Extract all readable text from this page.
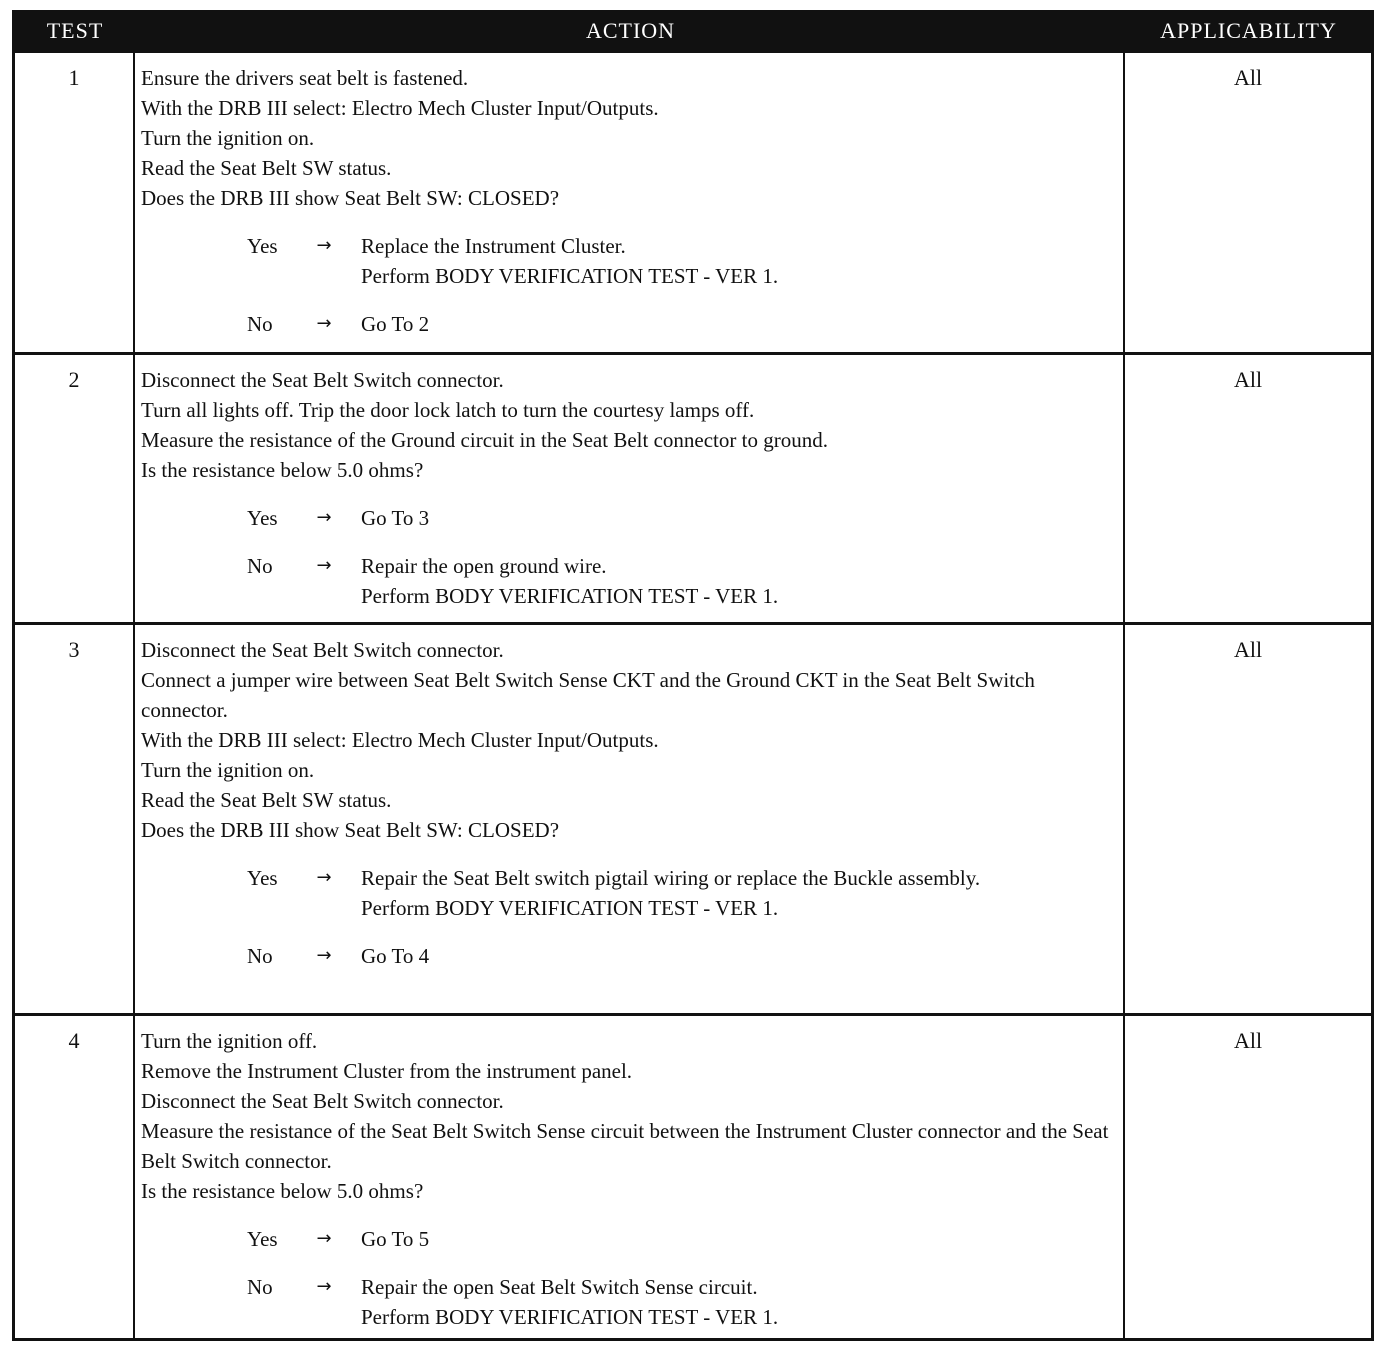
TEST	ACTION	APPLICABILITY
1	Ensure the drivers seat belt is fastened.
With the DRB III select: Electro Mech Cluster Input/Outputs.
Turn the ignition on.
Read the Seat Belt SW status.
Does the DRB III show Seat Belt SW: CLOSED?
Yes	→	Replace the Instrument Cluster.
Perform BODY VERIFICATION TEST - VER 1.
No	→	Go To 2
All
2	Disconnect the Seat Belt Switch connector.
Turn all lights off. Trip the door lock latch to turn the courtesy lamps off.
Measure the resistance of the Ground circuit in the Seat Belt connector to ground.
Is the resistance below 5.0 ohms?
Yes	→	Go To 3
No	→	Repair the open ground wire.
Perform BODY VERIFICATION TEST - VER 1.
All
3	Disconnect the Seat Belt Switch connector.
Connect a jumper wire between Seat Belt Switch Sense CKT and the Ground CKT in the Seat Belt Switch connector.
With the DRB III select: Electro Mech Cluster Input/Outputs.
Turn the ignition on.
Read the Seat Belt SW status.
Does the DRB III show Seat Belt SW: CLOSED?
Yes	→	Repair the Seat Belt switch pigtail wiring or replace the Buckle assembly.
Perform BODY VERIFICATION TEST - VER 1.
No	→	Go To 4
All
4	Turn the ignition off.
Remove the Instrument Cluster from the instrument panel.
Disconnect the Seat Belt Switch connector.
Measure the resistance of the Seat Belt Switch Sense circuit between the Instrument Cluster connector and the Seat Belt Switch connector.
Is the resistance below 5.0 ohms?
Yes	→	Go To 5
No	→	Repair the open Seat Belt Switch Sense circuit.
Perform BODY VERIFICATION TEST - VER 1.
All
